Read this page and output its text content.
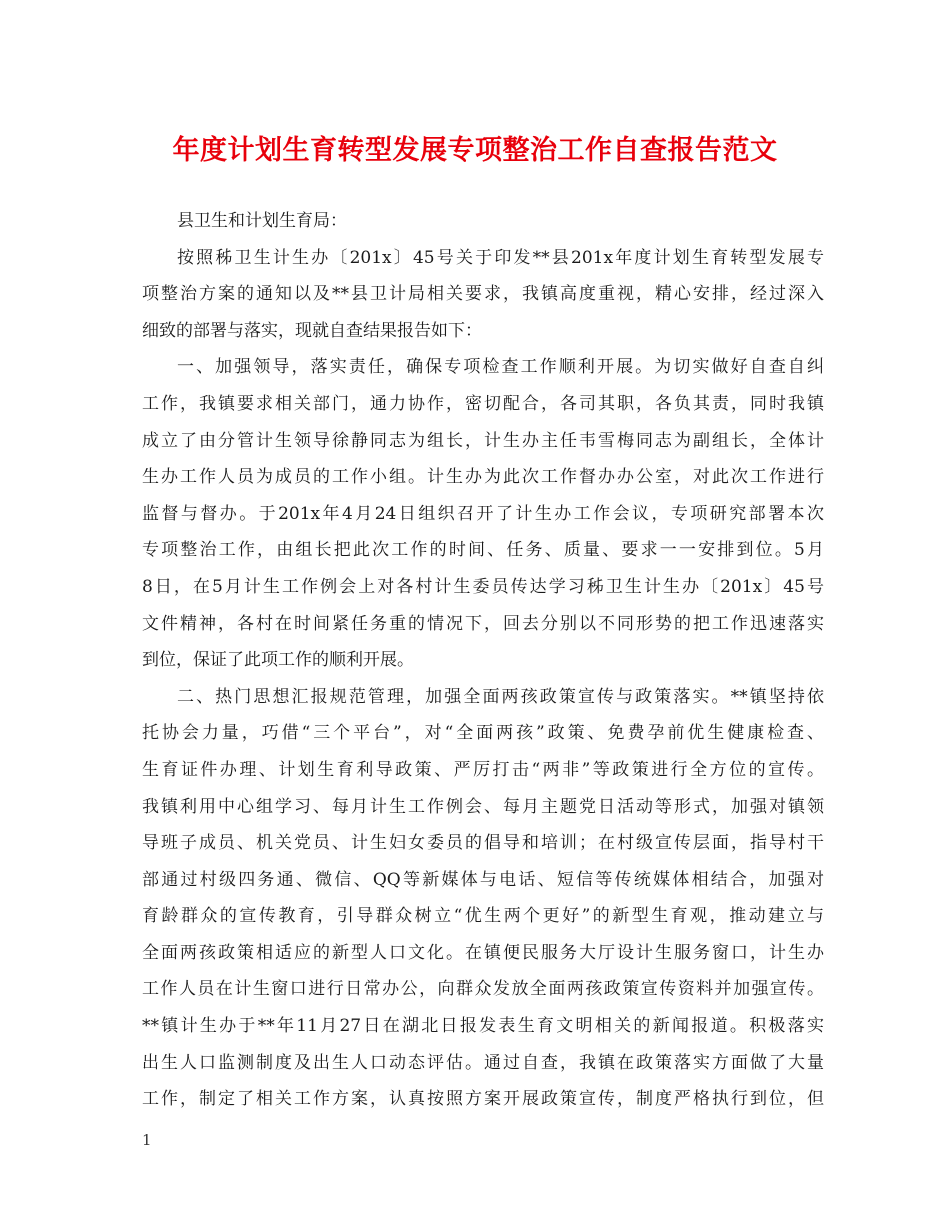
年度计划生育转型发展专项整治工作自查报告范文
县卫生和计划生育局：
按照秭卫生计生办〔201x〕45号关于印发**县201x年度计划生育转型发展专
项整治方案的通知以及**县卫计局相关要求，我镇高度重视，精心安排，经过深入
细致的部署与落实，现就自查结果报告如下：
一、加强领导，落实责任，确保专项检查工作顺利开展。为切实做好自查自纠
工作，我镇要求相关部门，通力协作，密切配合，各司其职，各负其责，同时我镇
成立了由分管计生领导徐静同志为组长，计生办主任韦雪梅同志为副组长，全体计
生办工作人员为成员的工作小组。计生办为此次工作督办办公室，对此次工作进行
监督与督办。于201x年4月24日组织召开了计生办工作会议，专项研究部署本次
专项整治工作，由组长把此次工作的时间、任务、质量、要求一一安排到位。5月
8日，在5月计生工作例会上对各村计生委员传达学习秭卫生计生办〔201x〕45号
文件精神，各村在时间紧任务重的情况下，回去分别以不同形势的把工作迅速落实
到位，保证了此项工作的顺利开展。
二、热门思想汇报规范管理，加强全面两孩政策宣传与政策落实。**镇坚持依
托协会力量，巧借“三个平台”，对“全面两孩”政策、免费孕前优生健康检查、
生育证件办理、计划生育利导政策、严厉打击“两非”等政策进行全方位的宣传。
我镇利用中心组学习、每月计生工作例会、每月主题党日活动等形式，加强对镇领
导班子成员、机关党员、计生妇女委员的倡导和培训；在村级宣传层面，指导村干
部通过村级四务通、微信、QQ等新媒体与电话、短信等传统媒体相结合，加强对
育龄群众的宣传教育，引导群众树立“优生两个更好”的新型生育观，推动建立与
全面两孩政策相适应的新型人口文化。在镇便民服务大厅设计生服务窗口，计生办
工作人员在计生窗口进行日常办公，向群众发放全面两孩政策宣传资料并加强宣传。
**镇计生办于**年11月27日在湖北日报发表生育文明相关的新闻报道。积极落实
出生人口监测制度及出生人口动态评估。通过自查，我镇在政策落实方面做了大量
工作，制定了相关工作方案，认真按照方案开展政策宣传，制度严格执行到位，但
1
